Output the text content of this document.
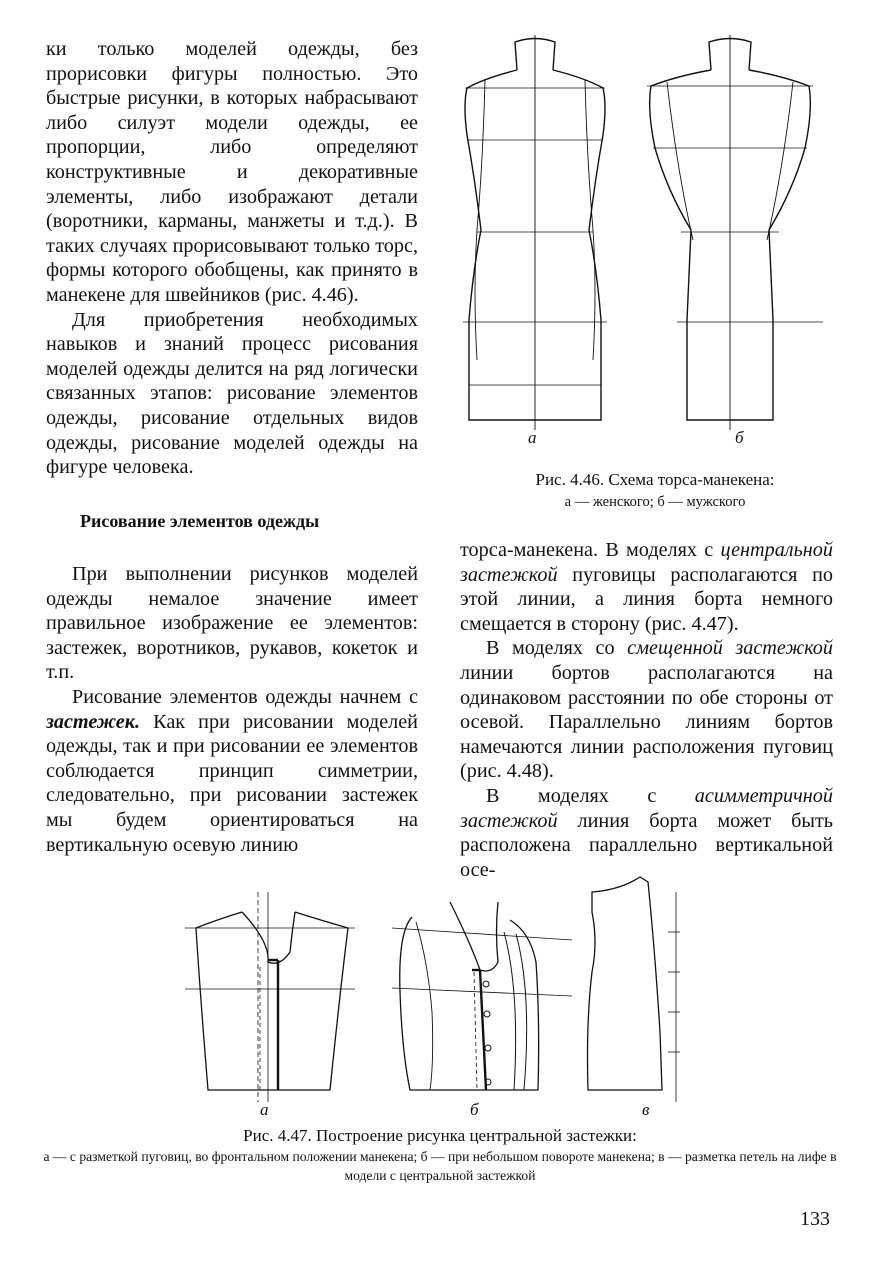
ки только моделей одежды, без прорисовки фигуры полностью. Это быстрые рисунки, в которых набрасывают либо силуэт модели одежды, ее пропорции, либо определяют конструктивные и декоративные элементы, либо изображают детали (воротники, карманы, манжеты и т.д.). В таких случаях прорисовывают только торс, формы которого обобщены, как принято в манекене для швейников (рис. 4.46).

Для приобретения необходимых навыков и знаний процесс рисования моделей одежды делится на ряд логически связанных этапов: рисование элементов одежды, рисование отдельных видов одежды, рисование моделей одежды на фигуре человека.

Рисование элементов одежды

При выполнении рисунков моделей одежды немалое значение имеет правильное изображение ее элементов: застежек, воротников, рукавов, кокеток и т.п.

Рисование элементов одежды начнем с застежек. Как при рисовании моделей одежды, так и при рисовании ее элементов соблюдается принцип симметрии, следовательно, при рисовании застежек мы будем ориентироваться на вертикальную осевую линию

торса-манекена. В моделях с центральной застежкой пуговицы располагаются по этой линии, а линия борта немного смещается в сторону (рис. 4.47).

В моделях со смещенной застежкой линии бортов располагаются на одинаковом расстоянии по обе стороны от осевой. Параллельно линиям бортов намечаются линии расположения пуговиц (рис. 4.48).

В моделях с асимметричной застежкой линия борта может быть расположена параллельно вертикальной осе-

а	б
Рис. 4.46. Схема торса-манекена:
а — женского; б — мужского
а	б	в
Рис. 4.47. Построение рисунка центральной застежки:
а — с разметкой пуговиц, во фронтальном положении манекена; б — при небольшом повороте манекена; в — разметка петель на лифе в модели с центральной застежкой
133
